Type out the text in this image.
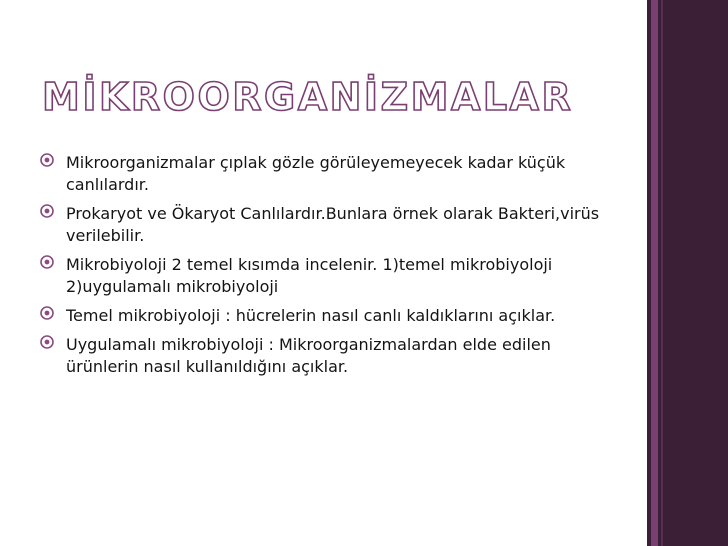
MİKROORGANİZMALAR
Mikroorganizmalar çıplak gözle görüleyemeyecek kadar küçük canlılardır.
Prokaryot ve Ökaryot Canlılardır.Bunlara örnek olarak Bakteri,virüs verilebilir.
Mikrobiyoloji 2 temel kısımda incelenir. 1)temel mikrobiyoloji 2)uygulamalı mikrobiyoloji
Temel mikrobiyoloji : hücrelerin nasıl canlı kaldıklarını açıklar.
Uygulamalı mikrobiyoloji : Mikroorganizmalardan elde edilen ürünlerin nasıl kullanıldığını açıklar.
